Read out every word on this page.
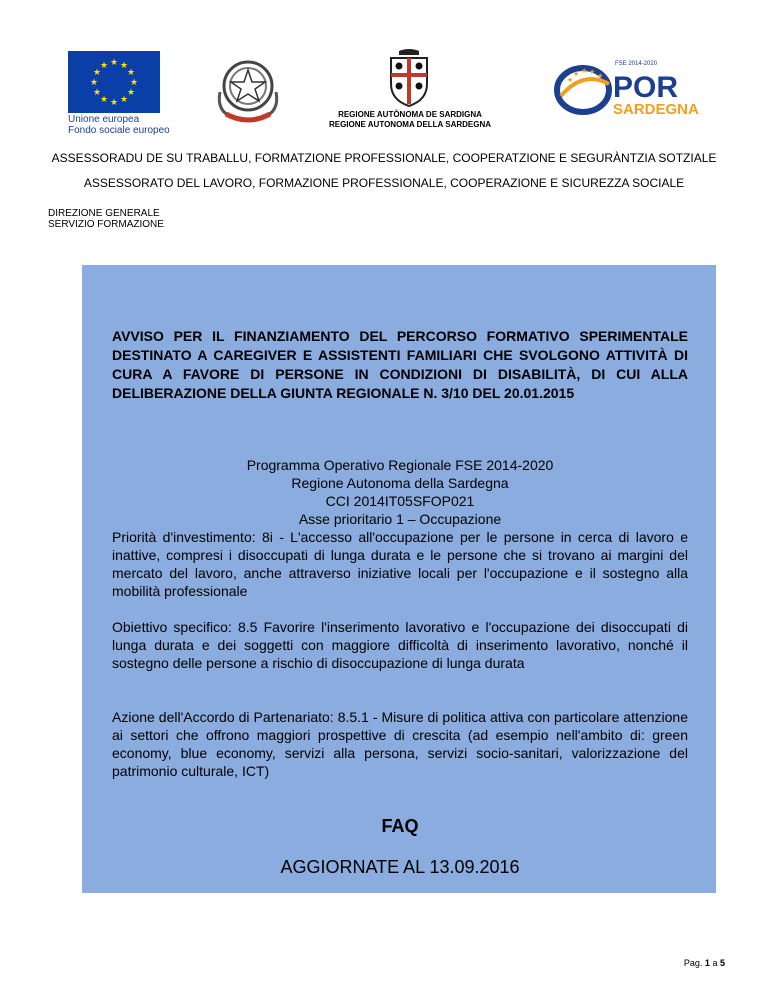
★ ★
★
★
★
★
★
★
★
★
★
★
Unione europea
Fondo sociale europeo
REGIONE AUTÒNOMA DE SARDIGNA
REGIONE AUTONOMA DELLA SARDEGNA
★
★ ★ ★ ★
FSE 2014-2020
POR
SARDEGNA
ASSESSORADU DE SU TRABALLU, FORMATZIONE PROFESSIONALE, COOPERATZIONE E SEGURÀNTZIA SOTZIALE
ASSESSORATO DEL LAVORO, FORMAZIONE PROFESSIONALE, COOPERAZIONE E SICUREZZA SOCIALE
DIREZIONE GENERALE
SERVIZIO FORMAZIONE
AVVISO PER IL FINANZIAMENTO DEL PERCORSO FORMATIVO SPERIMENTALE DESTINATO A CAREGIVER E ASSISTENTI FAMILIARI CHE SVOLGONO ATTIVITÀ DI CURA A FAVORE DI PERSONE IN CONDIZIONI DI DISABILITÀ, DI CUI ALLA DELIBERAZIONE DELLA GIUNTA REGIONALE N. 3/10 DEL 20.01.2015
Programma Operativo Regionale FSE 2014-2020
Regione Autonoma della Sardegna
CCI 2014IT05SFOP021
Asse prioritario 1 – Occupazione
Priorità d'investimento: 8i - L'accesso all'occupazione per le persone in cerca di lavoro e inattive, compresi i disoccupati di lunga durata e le persone che si trovano ai margini del mercato del lavoro, anche attraverso iniziative locali per l'occupazione e il sostegno alla mobilità professionale
Obiettivo specifico: 8.5 Favorire l'inserimento lavorativo e l'occupazione dei disoccupati di lunga durata e dei soggetti con maggiore difficoltà di inserimento lavorativo, nonché il sostegno delle persone a rischio di disoccupazione di lunga durata
Azione dell'Accordo di Partenariato: 8.5.1 - Misure di politica attiva con particolare attenzione ai settori che offrono maggiori prospettive di crescita (ad esempio nell'ambito di: green economy, blue economy, servizi alla persona, servizi socio-sanitari, valorizzazione del patrimonio culturale, ICT)
FAQ
AGGIORNATE AL 13.09.2016
Pag. 1 a 5
